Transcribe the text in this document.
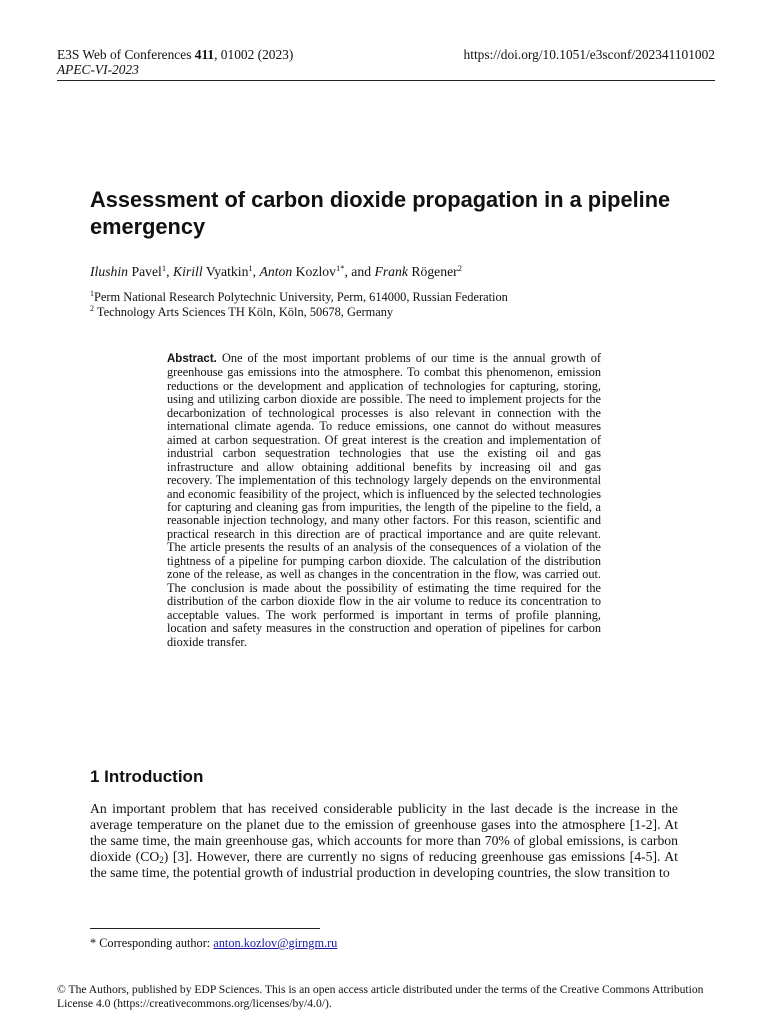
E3S Web of Conferences 411, 01002 (2023)
APEC-VI-2023
https://doi.org/10.1051/e3sconf/202341101002
Assessment of carbon dioxide propagation in a pipeline emergency
Ilushin Pavel$^1$, Kirill Vyatkin$^1$, Anton Kozlov$^{1*}$, and Frank Rögener$^2$
$^1$Perm National Research Polytechnic University, Perm, 614000, Russian Federation
$^2$ Technology Arts Sciences TH Köln, Köln, 50678, Germany
Abstract. One of the most important problems of our time is the annual growth of greenhouse gas emissions into the atmosphere. To combat this phenomenon, emission reductions or the development and application of technologies for capturing, storing, using and utilizing carbon dioxide are possible. The need to implement projects for the decarbonization of technological processes is also relevant in connection with the international climate agenda. To reduce emissions, one cannot do without measures aimed at carbon sequestration. Of great interest is the creation and implementation of industrial carbon sequestration technologies that use the existing oil and gas infrastructure and allow obtaining additional benefits by increasing oil and gas recovery. The implementation of this technology largely depends on the environmental and economic feasibility of the project, which is influenced by the selected technologies for capturing and cleaning gas from impurities, the length of the pipeline to the field, a reasonable injection technology, and many other factors. For this reason, scientific and practical research in this direction are of practical importance and are quite relevant. The article presents the results of an analysis of the consequences of a violation of the tightness of a pipeline for pumping carbon dioxide. The calculation of the distribution zone of the release, as well as changes in the concentration in the flow, was carried out. The conclusion is made about the possibility of estimating the time required for the distribution of the carbon dioxide flow in the air volume to reduce its concentration to acceptable values. The work performed is important in terms of profile planning, location and safety measures in the construction and operation of pipelines for carbon dioxide transfer.
1 Introduction
An important problem that has received considerable publicity in the last decade is the increase in the average temperature on the planet due to the emission of greenhouse gases into the atmosphere [1-2]. At the same time, the main greenhouse gas, which accounts for more than 70% of global emissions, is carbon dioxide $(CO_2)$ [3]. However, there are currently no signs of reducing greenhouse gas emissions [4-5]. At the same time, the potential growth of industrial production in developing countries, the slow transition to
* Corresponding author: anton.kozlov@girngm.ru
© The Authors, published by EDP Sciences. This is an open access article distributed under the terms of the Creative Commons Attribution License 4.0 (https://creativecommons.org/licenses/by/4.0/).
